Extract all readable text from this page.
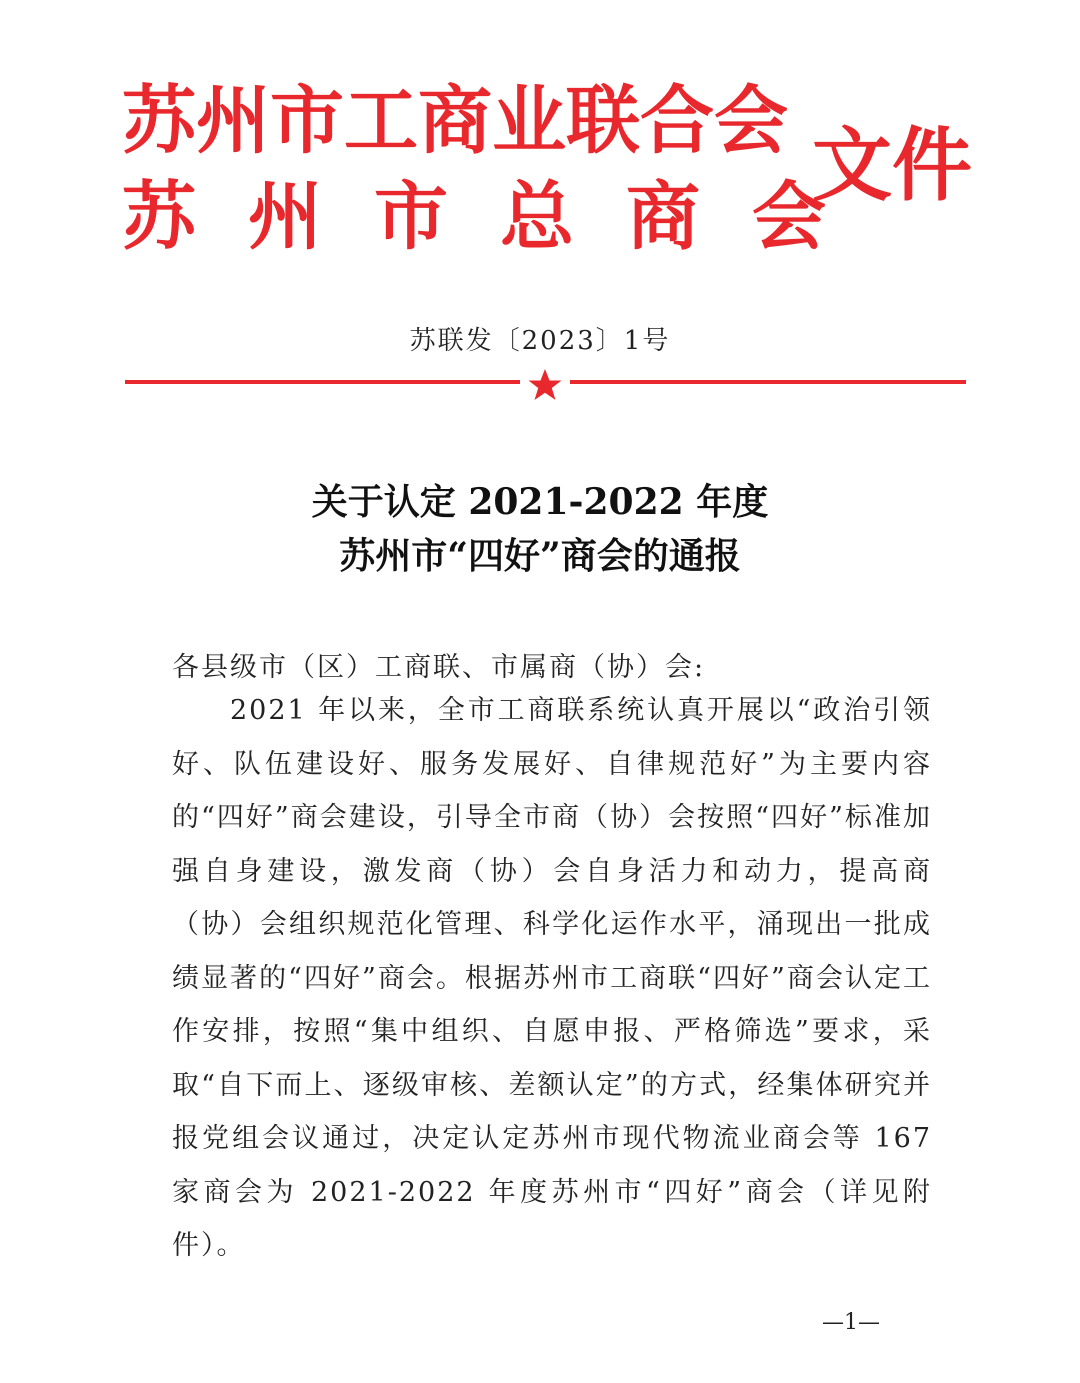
苏州市工商业联合会
苏州市总商会
文件
苏联发〔2023〕1号
关于认定 2021-2022 年度
苏州市“四好”商会的通报
各县级市（区）工商联、市属商（协）会:
2021 年以来，全市工商联系统认真开展以“政治引领好、队伍建设好、服务发展好、自律规范好”为主要内容的“四好”商会建设，引导全市商（协）会按照“四好”标准加强自身建设，激发商（协）会自身活力和动力，提高商（协）会组织规范化管理、科学化运作水平，涌现出一批成绩显著的“四好”商会。根据苏州市工商联“四好”商会认定工作安排，按照“集中组织、自愿申报、严格筛选”要求，采取“自下而上、逐级审核、差额认定”的方式，经集体研究并报党组会议通过，决定认定苏州市现代物流业商会等 167 家商会为 2021-2022 年度苏州市“四好”商会（详见附件）。
—1—
